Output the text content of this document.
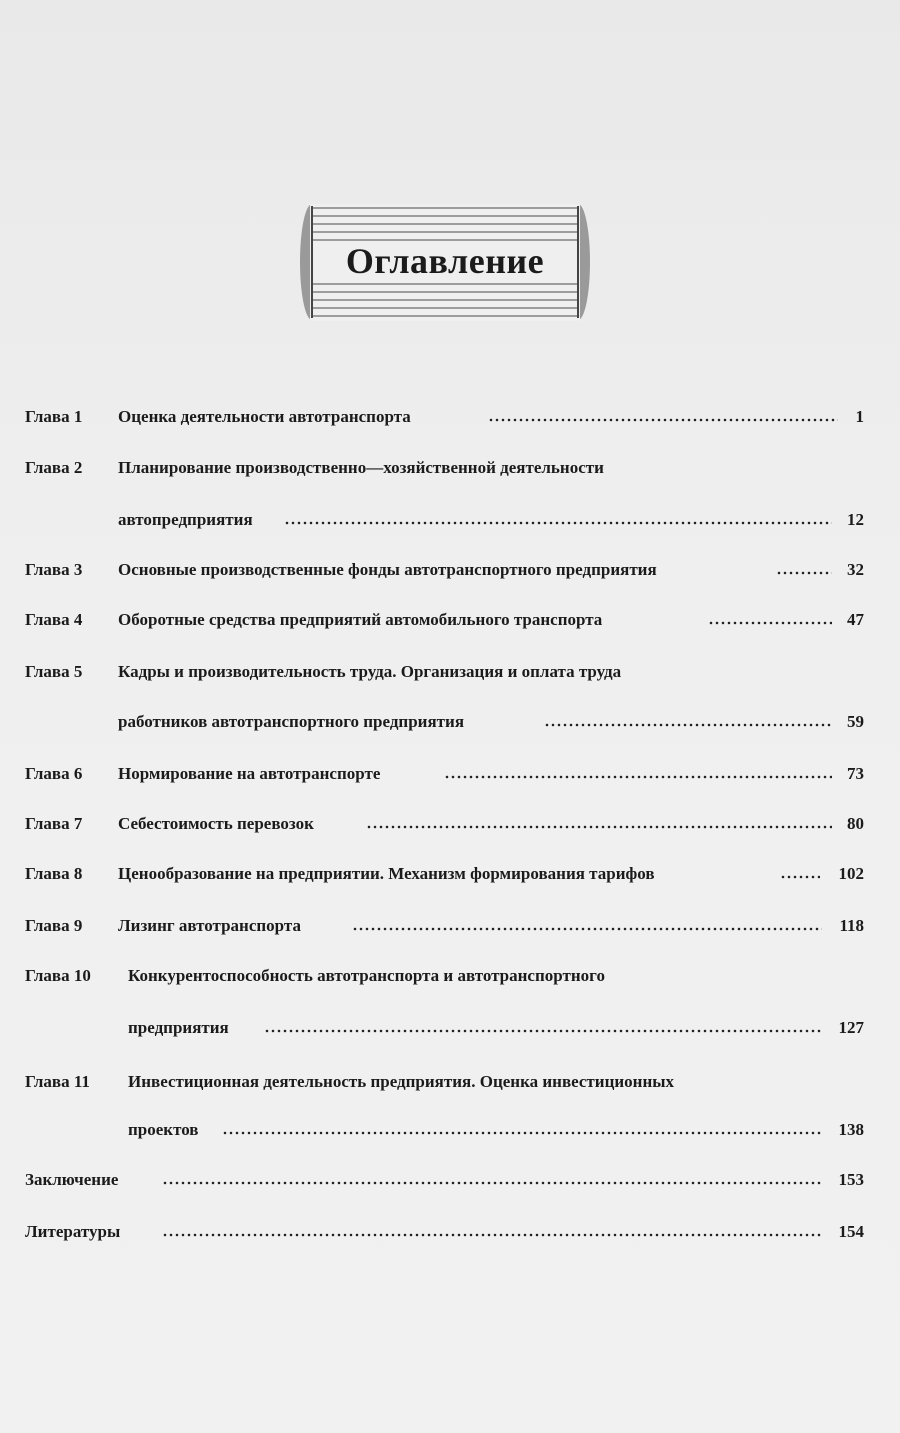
Оглавление
Глава 1 Оценка деятельности автотранспорта	1
Глава 2 Планирование производственно—хозяйственной деятельности
автопредприятия	12
Глава 3 Основные производственные фонды автотранспортного предприятия	32
Глава 4 Оборотные средства предприятий автомобильного транспорта	47
Глава 5 Кадры и производительность труда. Организация и оплата труда
работников автотранспортного предприятия	59
Глава 6 Нормирование на автотранспорте	73
Глава 7 Себестоимость перевозок	80
Глава 8 Ценообразование на предприятии. Механизм формирования тарифов	102
Глава 9 Лизинг автотранспорта	118
Глава 10 Конкурентоспособность автотранспорта и автотранспортного
предприятия	127
Глава 11 Инвестиционная деятельность предприятия. Оценка инвестиционных
проектов	138
Заключение	153
Литературы	154
